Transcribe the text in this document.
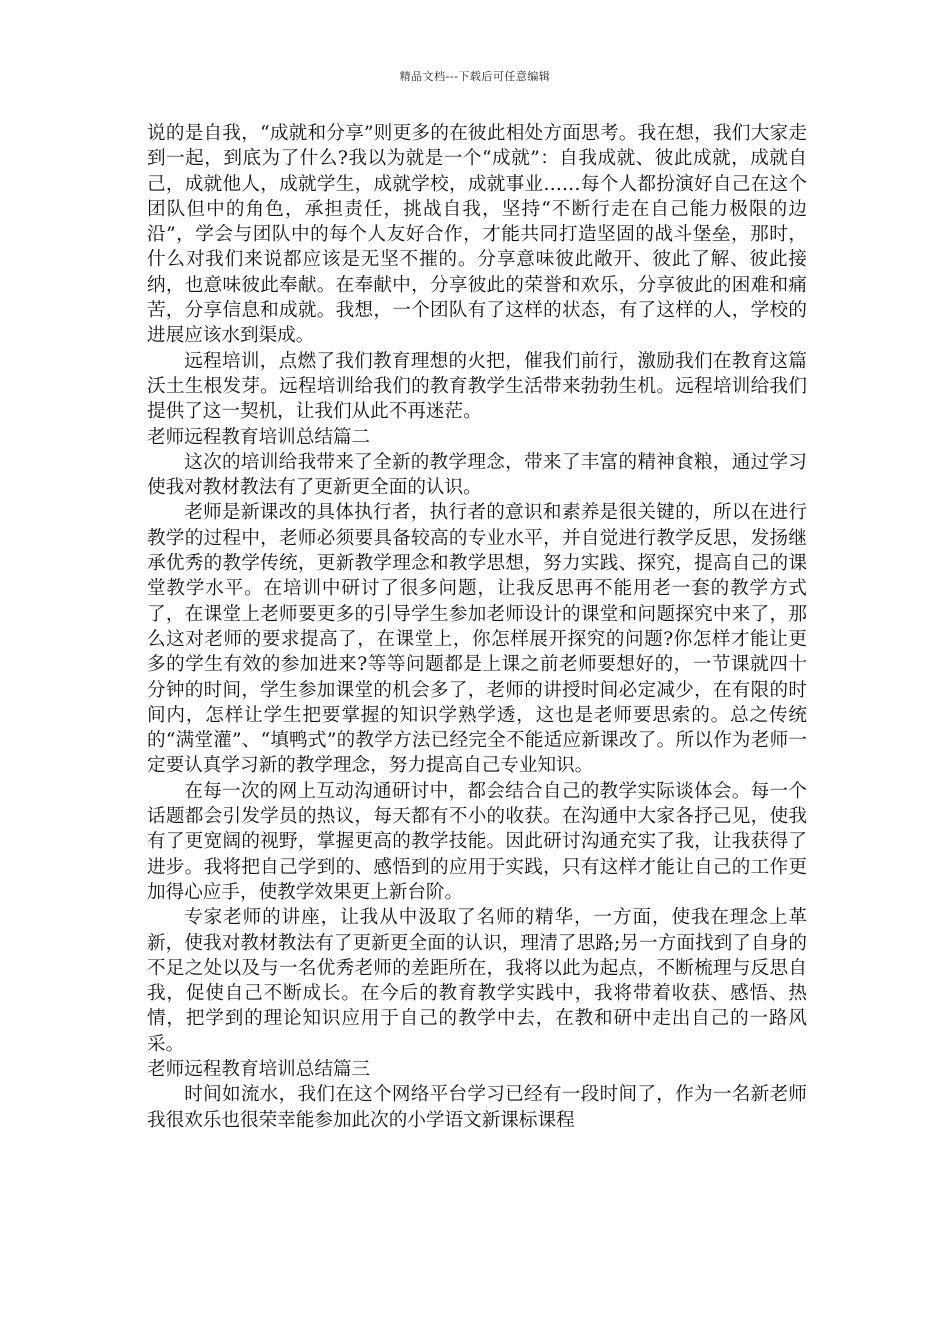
精品文档---下载后可任意编辑

说的是自我，“成就和分享”则更多的在彼此相处方面思考。我在想，我们大家走到一起，到底为了什么?我以为就是一个“成就”：自我成就、彼此成就，成就自己，成就他人，成就学生，成就学校，成就事业……每个人都扮演好自己在这个团队但中的角色，承担责任，挑战自我，坚持“不断行走在自己能力极限的边沿”，学会与团队中的每个人友好合作，才能共同打造坚固的战斗堡垒，那时，什么对我们来说都应该是无坚不摧的。分享意味彼此敞开、彼此了解、彼此接纳，也意味彼此奉献。在奉献中，分享彼此的荣誉和欢乐，分享彼此的困难和痛苦，分享信息和成就。我想，一个团队有了这样的状态，有了这样的人，学校的进展应该水到渠成。

远程培训，点燃了我们教育理想的火把，催我们前行，激励我们在教育这篇沃土生根发芽。远程培训给我们的教育教学生活带来勃勃生机。远程培训给我们提供了这一契机，让我们从此不再迷茫。

老师远程教育培训总结篇二

这次的培训给我带来了全新的教学理念，带来了丰富的精神食粮，通过学习使我对教材教法有了更新更全面的认识。

老师是新课改的具体执行者，执行者的意识和素养是很关键的，所以在进行教学的过程中，老师必须要具备较高的专业水平，并自觉进行教学反思，发扬继承优秀的教学传统，更新教学理念和教学思想，努力实践、探究，提高自己的课堂教学水平。在培训中研讨了很多问题，让我反思再不能用老一套的教学方式了，在课堂上老师要更多的引导学生参加老师设计的课堂和问题探究中来了，那么这对老师的要求提高了，在课堂上，你怎样展开探究的问题?你怎样才能让更多的学生有效的参加进来?等等问题都是上课之前老师要想好的，一节课就四十分钟的时间，学生参加课堂的机会多了，老师的讲授时间必定减少，在有限的时间内，怎样让学生把要掌握的知识学熟学透，这也是老师要思索的。总之传统的“满堂灌”、“填鸭式”的教学方法已经完全不能适应新课改了。所以作为老师一定要认真学习新的教学理念，努力提高自己专业知识。

在每一次的网上互动沟通研讨中，都会结合自己的教学实际谈体会。每一个话题都会引发学员的热议，每天都有不小的收获。在沟通中大家各抒己见，使我有了更宽阔的视野，掌握更高的教学技能。因此研讨沟通充实了我，让我获得了进步。我将把自己学到的、感悟到的应用于实践，只有这样才能让自己的工作更加得心应手，使教学效果更上新台阶。

专家老师的讲座，让我从中汲取了名师的精华，一方面，使我在理念上革新，使我对教材教法有了更新更全面的认识，理清了思路;另一方面找到了自身的不足之处以及与一名优秀老师的差距所在，我将以此为起点，不断梳理与反思自我，促使自己不断成长。在今后的教育教学实践中，我将带着收获、感悟、热情，把学到的理论知识应用于自己的教学中去，在教和研中走出自己的一路风采。

老师远程教育培训总结篇三

时间如流水，我们在这个网络平台学习已经有一段时间了，作为一名新老师我很欢乐也很荣幸能参加此次的小学语文新课标课程
